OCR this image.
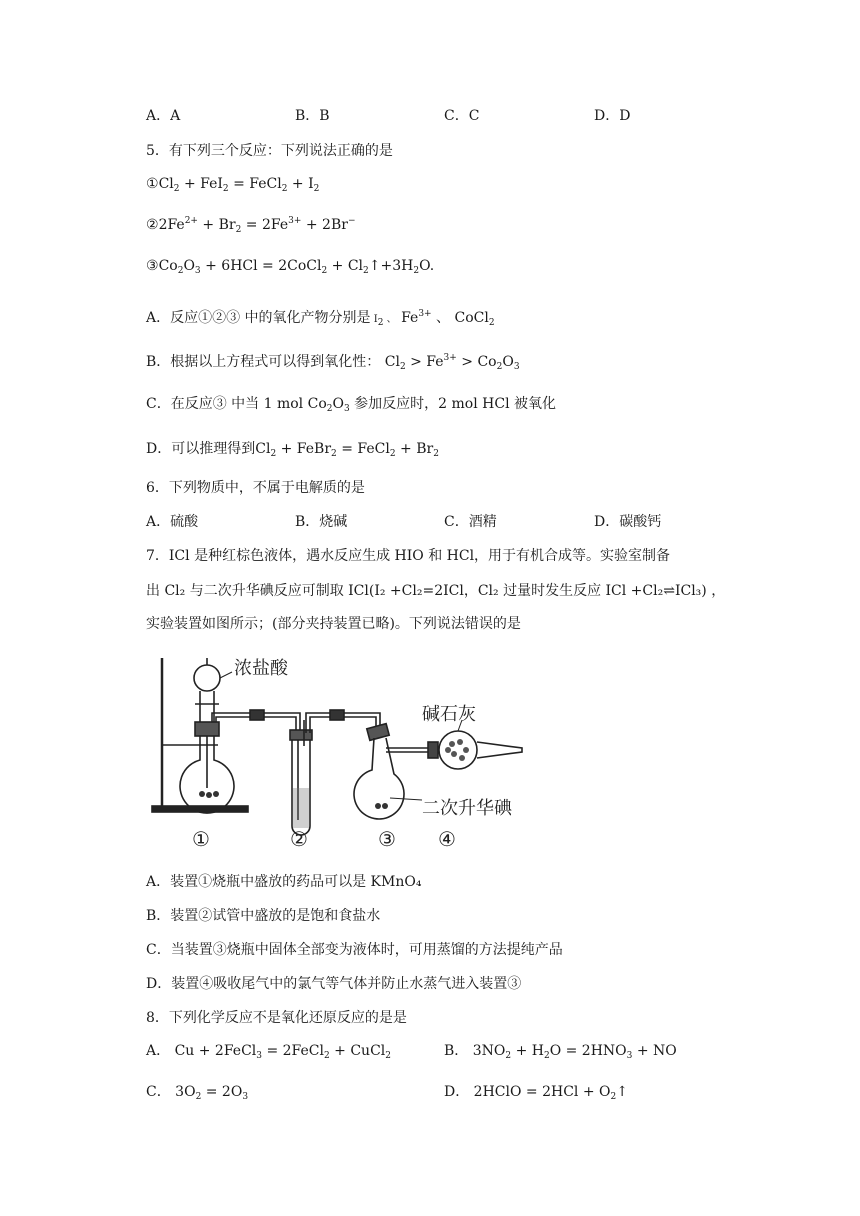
A．A	B．B	C．C	D．D
5．有下列三个反应：下列说法正确的是
$①Cl_2 + FeI_2$ = FeCl$_2$ + $I_2$
$②2Fe^{2+} + Br_2 = 2Fe^{3+} + 2Br^-$
$③Co_2O_3 + 6HCl$ = 2CoCl$_2$ + $Cl_2↑+3H_2O$.
A．反应①②③ 中的氧化产物分别是 $I_2$ 、 $Fe^{3+}$ 、 CoCl$_2$
B．根据以上方程式可以得到氧化性： $Cl_2 > Fe^{3+} > Co_2O_3$
C．在反应③ 中当 1 mol $Co_2O_3$ 参加反应时，2 mol HCl 被氧化
D．可以推理得到$Cl_2$ + FeBr$_2$ = FeCl$_2$ + $Br_2$
6．下列物质中，不属于电解质的是
A．硫酸	B．烧碱	C．酒精	D．碳酸钙
7．ICl 是种红棕色液体，遇水反应生成 HIO 和 HCl，用于有机合成等。实验室制备
出 Cl₂ 与二次升华碘反应可制取 ICl(I₂ +Cl₂=2ICl，Cl₂ 过量时发生反应 ICl +Cl₂⇌ICl₃) ，
实验装置如图所示；(部分夹持装置已略)。下列说法错误的是
浓盐酸
碱石灰
二次升华碘
①	②	③ ④
A．装置①烧瓶中盛放的药品可以是 KMnO₄
B．装置②试管中盛放的是饱和食盐水
C．当装置③烧瓶中固体全部变为液体时，可用蒸馏的方法提纯产品
D．装置④吸收尾气中的氯气等气体并防止水蒸气进入装置③
8．下列化学反应不是氧化还原反应的是是
A． Cu + 2FeCl$_3$ = 2FeCl$_2$ + CuCl$_2$	B． $3NO_2 + H_2O = 2HNO_3$ + NO
C． $3O_2 = 2O_3$	D． 2HClO = $2HCl + O_2↑$
